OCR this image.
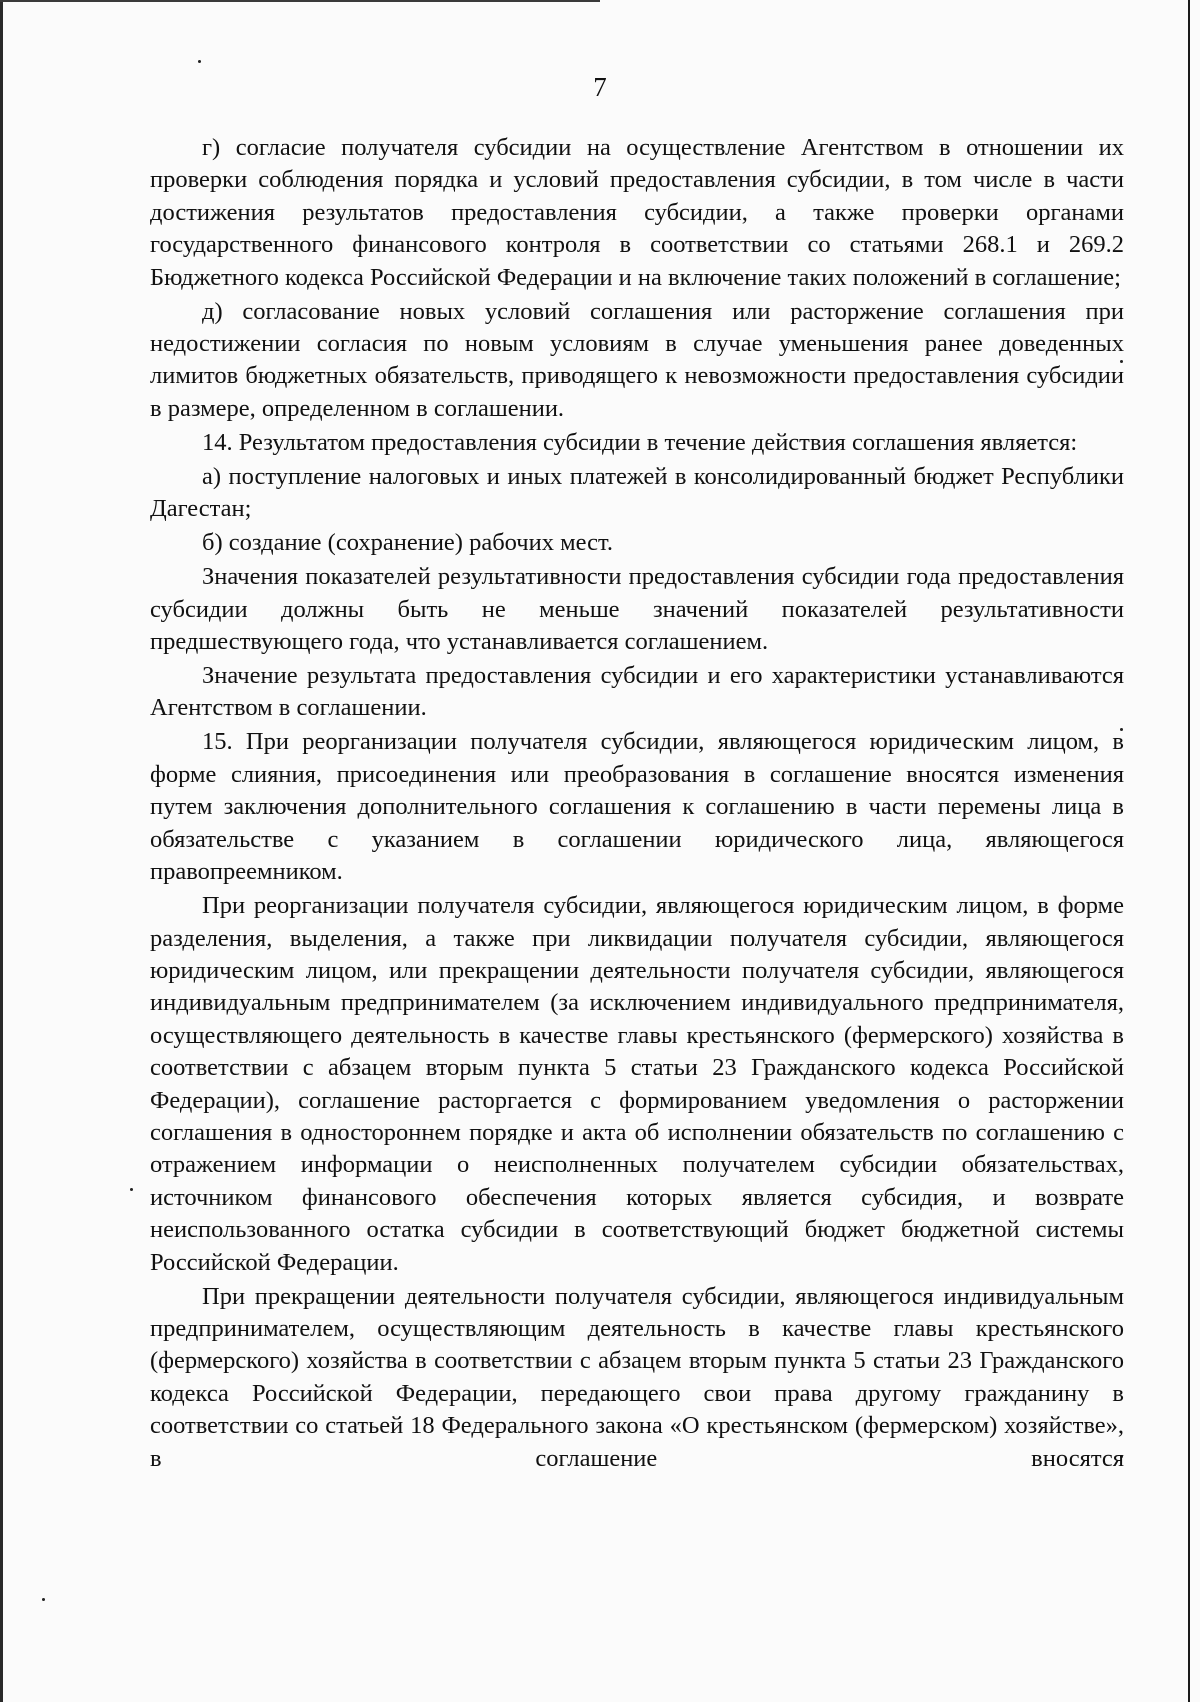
7

г) согласие получателя субсидии на осуществление Агентством в отношении их проверки соблюдения порядка и условий предоставления субсидии, в том числе в части достижения результатов предоставления субсидии, а также проверки органами государственного финансового контроля в соответствии со статьями 268.1 и 269.2 Бюджетного кодекса Российской Федерации и на включение таких положений в соглашение;

д) согласование новых условий соглашения или расторжение соглашения при недостижении согласия по новым условиям в случае уменьшения ранее доведенных лимитов бюджетных обязательств, приводящего к невозможности предоставления субсидии в размере, определенном в соглашении.

14. Результатом предоставления субсидии в течение действия соглашения является:

а) поступление налоговых и иных платежей в консолидированный бюджет Республики Дагестан;

б) создание (сохранение) рабочих мест.

Значения показателей результативности предоставления субсидии года предоставления субсидии должны быть не меньше значений показателей результативности предшествующего года, что устанавливается соглашением.

Значение результата предоставления субсидии и его характеристики устанавливаются Агентством в соглашении.

15. При реорганизации получателя субсидии, являющегося юридическим лицом, в форме слияния, присоединения или преобразования в соглашение вносятся изменения путем заключения дополнительного соглашения к соглашению в части перемены лица в обязательстве с указанием в соглашении юридического лица, являющегося правопреемником.

При реорганизации получателя субсидии, являющегося юридическим лицом, в форме разделения, выделения, а также при ликвидации получателя субсидии, являющегося юридическим лицом, или прекращении деятельности получателя субсидии, являющегося индивидуальным предпринимателем (за исключением индивидуального предпринимателя, осуществляющего деятельность в качестве главы крестьянского (фермерского) хозяйства в соответствии с абзацем вторым пункта 5 статьи 23 Гражданского кодекса Российской Федерации), соглашение расторгается с формированием уведомления о расторжении соглашения в одностороннем порядке и акта об исполнении обязательств по соглашению с отражением информации о неисполненных получателем субсидии обязательствах, источником финансового обеспечения которых является субсидия, и возврате неиспользованного остатка субсидии в соответствующий бюджет бюджетной системы Российской Федерации.

При прекращении деятельности получателя субсидии, являющегося индивидуальным предпринимателем, осуществляющим деятельность в качестве главы крестьянского (фермерского) хозяйства в соответствии с абзацем вторым пункта 5 статьи 23 Гражданского кодекса Российской Федерации, передающего свои права другому гражданину в соответствии со статьей 18 Федерального закона «О крестьянском (фермерском) хозяйстве», в соглашение вносятся
